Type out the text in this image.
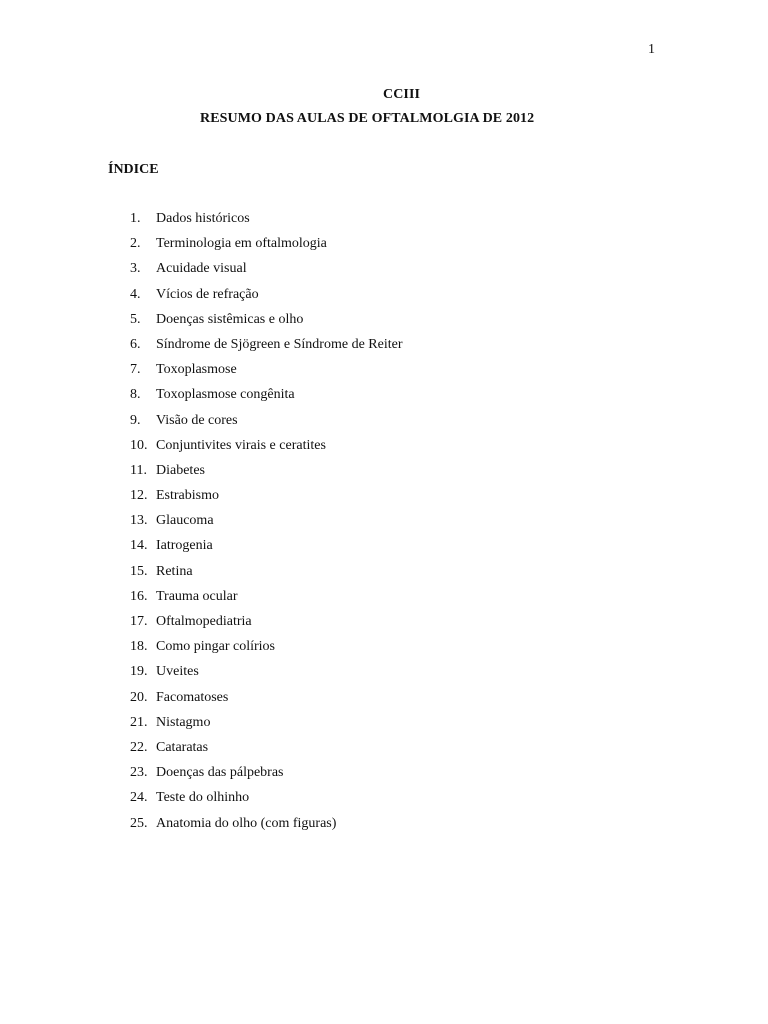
1
CCIII
RESUMO DAS AULAS DE OFTALMOLGIA DE 2012
ÍNDICE
1.	Dados históricos
2.	Terminologia em oftalmologia
3.	Acuidade visual
4.	Vícios de refração
5.	Doenças sistêmicas e olho
6.	Síndrome de Sjögreen e Síndrome de Reiter
7.	Toxoplasmose
8.	Toxoplasmose congênita
9.	Visão de cores
10. Conjuntivites virais e ceratites
11. Diabetes
12. Estrabismo
13. Glaucoma
14. Iatrogenia
15. Retina
16. Trauma ocular
17. Oftalmopediatria
18. Como pingar colírios
19. Uveites
20. Facomatoses
21. Nistagmo
22. Cataratas
23. Doenças das pálpebras
24. Teste do olhinho
25. Anatomia do olho (com figuras)
